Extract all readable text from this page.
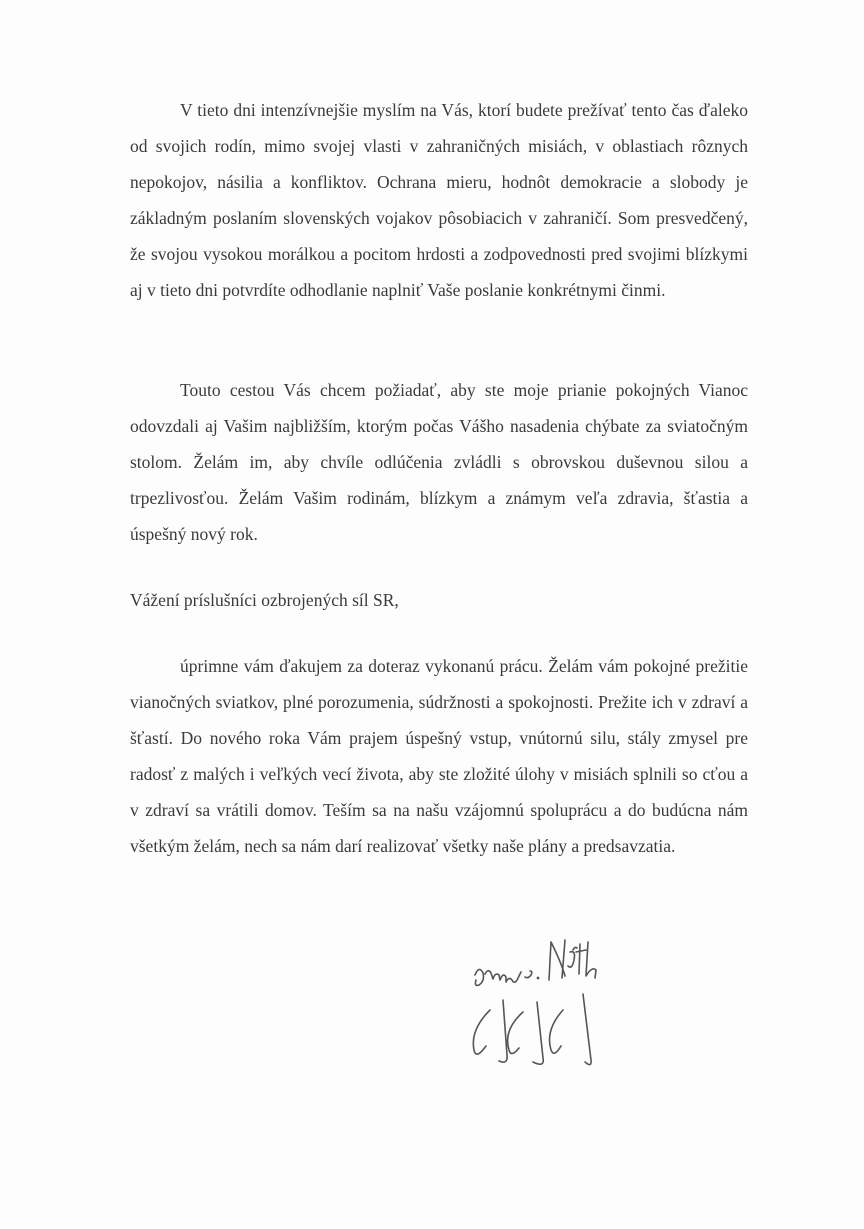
V tieto dni intenzívnejšie myslím na Vás, ktorí budete prežívať tento čas ďaleko od svojich rodín, mimo svojej vlasti v zahraničných misiách, v oblastiach rôznych nepokojov, násilia a konfliktov. Ochrana mieru, hodnôt demokracie a slobody je základným poslaním slovenských vojakov pôsobiacich v zahraničí. Som presvedčený, že svojou vysokou morálkou a pocitom hrdosti a zodpovednosti pred svojimi blízkymi aj v tieto dni potvrdíte odhodlanie naplniť Vaše poslanie konkrétnymi činmi.

Touto cestou Vás chcem požiadať, aby ste moje prianie pokojných Vianoc odovzdali aj Vašim najbližším, ktorým počas Vášho nasadenia chýbate za sviatočným stolom. Želám im, aby chvíle odlúčenia zvládli s obrovskou duševnou silou a trpezlivosťou. Želám Vašim rodinám, blízkym a známym veľa zdravia, šťastia a úspešný nový rok.

Vážení príslušníci ozbrojených síl SR,

úprimne vám ďakujem za doteraz vykonanú prácu. Želám vám pokojné prežitie vianočných sviatkov, plné porozumenia, súdržnosti a spokojnosti. Prežite ich v zdraví a šťastí. Do nového roka Vám prajem úspešný vstup, vnútornú silu, stály zmysel pre radosť z malých i veľkých vecí života, aby ste zložité úlohy v misiách splnili so cťou a v zdraví sa vrátili domov. Teším sa na našu vzájomnú spoluprácu a do budúcna nám všetkým želám, nech sa nám darí realizovať všetky naše plány a predsavzatia.
